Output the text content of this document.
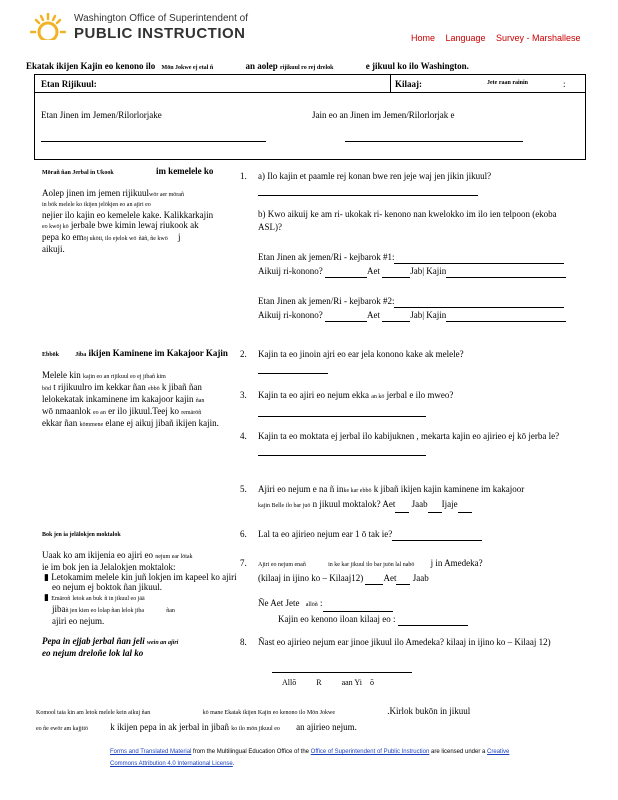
Washington Office of Superintendent of
PUBLIC INSTRUCTION	Home Language Survey - Marshallese
Ekatak ikijen Kajin eo kenono ilo Mōn Jokwe ej etal ñ	an aolep rijikuul ro rej drelok	e jikuul ko ilo Washington.
Etan Rijikuul:	Kilaaj:	Jete raan rainin	:
Etan Jinen im Jemen/Rilorlorjake	Jain eo an Jinen im Jemen/Rilorlorjak e

Mōrañ ñan Jerbal in Ukook	im kemelele ko

Aolep jinen im jemen rijikuulwōr aer mōrañ

in bōk melele ko ikijen jelōkjen eo an ajiri eo

nejier ilo kajin eo kemelele kake. Kalikkarkajin

eo kwōj kō jerbale bwe kimin lewaj riukook ak

pepa ko emōj ukōti, ilo ejelok wō ñāñ, ñe kwō j

aikuji.

Ebbōk	Jiba ikijen Kaminene im Kakajoor Kajin

Melele kin kajin eo an rijikuul eo ej jibañ kim

bōd t rijikuulro im kekkar ñan ebbō k jibañ ñan

lelokekatak inkaminene im kakajoor kajin ñan

wō nmaanlok eo an er ilo jikuul.Teej ko remārōñ

ekkar ñan kōmmene elane ej aikuj jibañ ikijen kajin.

Bok jen ia jelālokjen moktalok

Uaak ko am ikijenia eo ajiri eo nejum ear lōtak

ie im bok jen ia Jelalokjen moktalok:

▮ Letokamim melele kin juñ lokjen im kapeel ko ajiri eo nejum ej boktok ñan jikuul.

▮ Emāroñ letok an buk ñ in jikuul eo jāā

jibañ jen kien eo lolap ñan lelok jiba	ñan

ajiri eo nejum.

Pepa in ejjab jerbal ñan jeli wein an ajiri

eo nejum dreloñe lok lal ko

1. a) Ilo kajin et paamle rej konan bwe ren jeje waj jen jikin jikuul?

b) Kwo aikuij ke am ri- ukokak ri- kenono nan kwelokko im ilo ien telpoon (ekoba ASL)?
Etan Jinen ak jemen/Ri - kejbarok #1:
Aikuij ri-konono?	Aet	Jab| Kajin
Etan Jinen ak jemen/Ri - kejbarok #2:
Aikuij ri-konono?	Aet	Jab| Kajin
2. Kajin ta eo jinoin ajri eo ear jela konono kake ak melele?
3. Kajin ta eo ajiri eo nejum ekka an kō jerbal e ilo mweo?

4. Kajin ta eo moktata ej jerbal ilo kabijuknen , mekarta kajin eo ajirieo ej kō jerba le?

5. Ajiri eo nejum e na ñ inke kar ebbō k jibañ ikijen kajin kaminene im kakajoor
kajin Belle ilo bar juō n jikuul moktalok? Aet Jaab Ijaje
6. Lal ta eo ajirieo nejum ear 1 ō tak ie?
7. Ajiri eo nejum enañ	in ke kar jikuul ilo bar juōn lal nabō j in Amedeka?
(kilaaj in ijino ko – Kilaaj12) Aet Jaab
Ñe Aet Jete allōñ :
Kajin eo kenono iloan kilaaj eo :
8. Ñast eo ajirieo nejum ear jinoe jikuul ilo Amedeka? kilaaj in ijino ko – Kilaaj 12)
Allō	R	aan Yi ō
Komool taia kin am letok melele kein aikuj ñan	kō mane Ekatak ikijen Kajin eo kenono ilo Mōn Jokwe	.Kirlok bukōn in jikuul
eo ñe ewōr am kajjitō k ikijen pepa in ak jerbal in jibañ ko ilo mōn jikuul eo an ajirieo nejum.
Forms and Translated Material from the Multilingual Education Office of the Office of Superintendent of Public Instruction are licensed under a Creative
Commons Attribution 4.0 International License.
